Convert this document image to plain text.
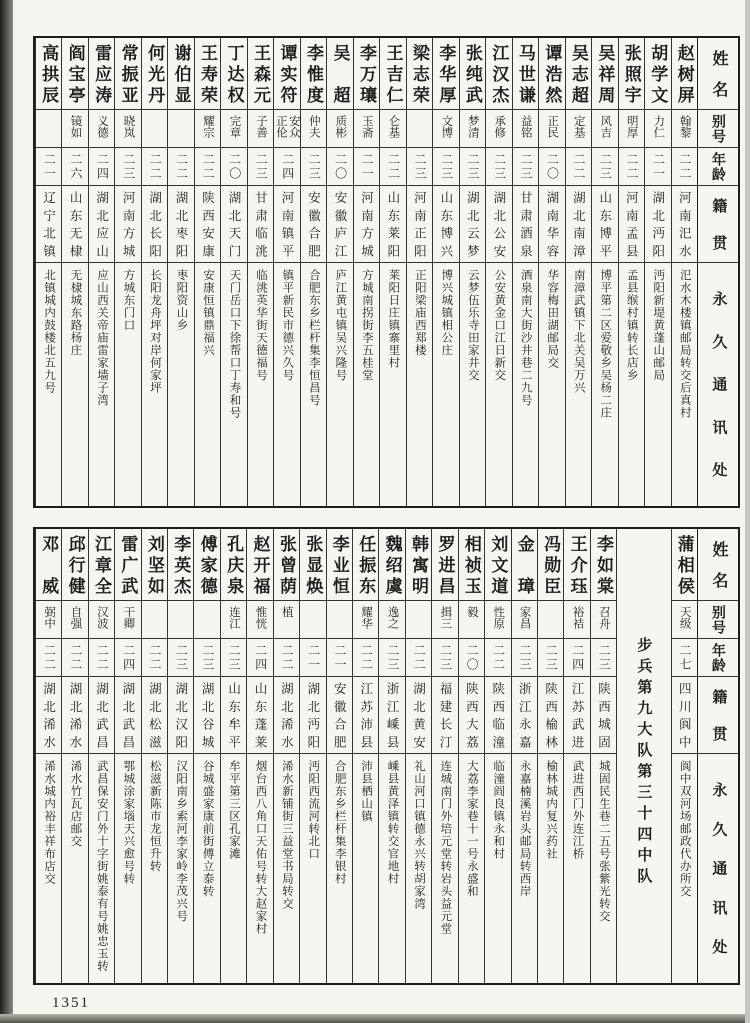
姓名
别号
年龄
籍贯
永久通讯处
赵树屏
翰黎
二二
河南汜水
汜水木楼镇邮局转交后真村
胡学文
力仁
二一
湖北沔阳
沔阳新堤黄蓬山邮局
张照宇
明厚
二二
河南孟县
孟县缑村镇转长店乡
吴祥周
风吉
二三
山东博平
博平第二区爱敬乡吴杨二庄
吴志超
定基
二二
湖北南漳
南漳武镇下北关吴万兴
谭浩然
正民
二〇
湖南华容
华容梅田湖邮局交
马世谦
益铭
二三
甘肃酒泉
酒泉南大街沙井巷二九号
江汉杰
承修
二三
湖北公安
公安黄金口江日新交
张纯武
梦清
二三
湖北云梦
云梦伍乐寺田家井交
李华厚
文博
二三
山东博兴
博兴城镇相公庄
梁志荣
二三
河南正阳
正阳梁庙西郑楼
王吉仁
仑基
二二
山东莱阳
莱阳日庄镇寨里村
李万瓖
玉斋
二一
河南方城
方城南拐街李五桂堂
吴超
质彬
二〇
安徽庐江
庐江黄屯镇吴兴隆号
李惟度
仲夫
二三
安徽合肥
合肥东乡栏杆集李恒昌号
谭实符
安众正伦
二四
河南镇平
镇平新民市德兴久号
王森元
子善
二三
甘肃临洮
临洮英华街天德福号
丁达权
完章
二〇
湖北天门
天门岳口下徐帮口丁寿和号
王寿荣
耀宗
二二
陕西安康
安康恒镇鼎福兴
谢伯显
二二
湖北枣阳
枣阳资山乡
何光丹
二二
湖北长阳
长阳龙舟坪对岸何家坪
常振亚
晓岚
二三
河南方城
方城东门口
雷应涛
义德
二四
湖北应山
应山西关帝庙雷家墙子湾
阎宝亭
镜如
二六
山东无棣
无棣城东路杨庄
高拱辰
二一
辽宁北镇
北镇城内鼓楼北五九号
姓名
别号
年龄
籍贯
永久通讯处
蒲相侯
天级
二七
四川阆中
阆中双河场邮政代办所交
步兵第九大队第三十四中队
李如棠
召舟
二三
陕西城固
城固民生巷二五号张紫光转交
王介珏
裕袺
二四
江苏武进
武进西门外连江桥
冯勋臣
二三
陕西榆林
榆林城内复兴药社
金璋
家昌
二三
浙江永嘉
永嘉楠溪岩头邮局转西岸
刘文道
性原
二二
陕西临潼
临潼阎良镇永和村
相祯玉
毅
二〇
陕西大荔
大荔李家巷十一号永盛和
罗进昌
揖三
二三
福建长汀
连城南门外培元堂转岩头益元堂
韩寓明
二二
湖北黄安
礼山河口镇德永兴转胡家湾
魏绍虞
逸之
二三
浙江嵊县
嵊县黄泽镇转交官地村
任振东
耀华
二二
江苏沛县
沛县栖山镇
李业恒
二一
安徽合肥
合肥东乡栏杆集李银村
张显焕
二一
湖北沔阳
沔阳西流河转北口
张曾荫
植
二二
湖北浠水
浠水新铺街三益堂书局转交
赵开福
惟恍
二四
山东蓬莱
烟台西八角口天佑号转大赵家村
孔庆泉
连江
二三
山东牟平
牟平第三区孔家滩
傅家德
二三
湖北谷城
谷城盛家康前街傅立泰转
李英杰
二三
湖北汉阳
汉阳南乡索河李家岭李茂兴号
刘坚如
二二
湖北松滋
松滋新陈市龙恒升转
雷广武
干卿
二四
湖北武昌
鄂城涂家堖天兴愈号转
江章全
汉波
二二
湖北武昌
武昌保安门外十字街姚泰有号姚忠玉转
邱行健
自强
二二
湖北浠水
浠水竹瓦店邮交
邓威
弼中
二二
湖北浠水
浠水城内裕丰祥布店交
1351
